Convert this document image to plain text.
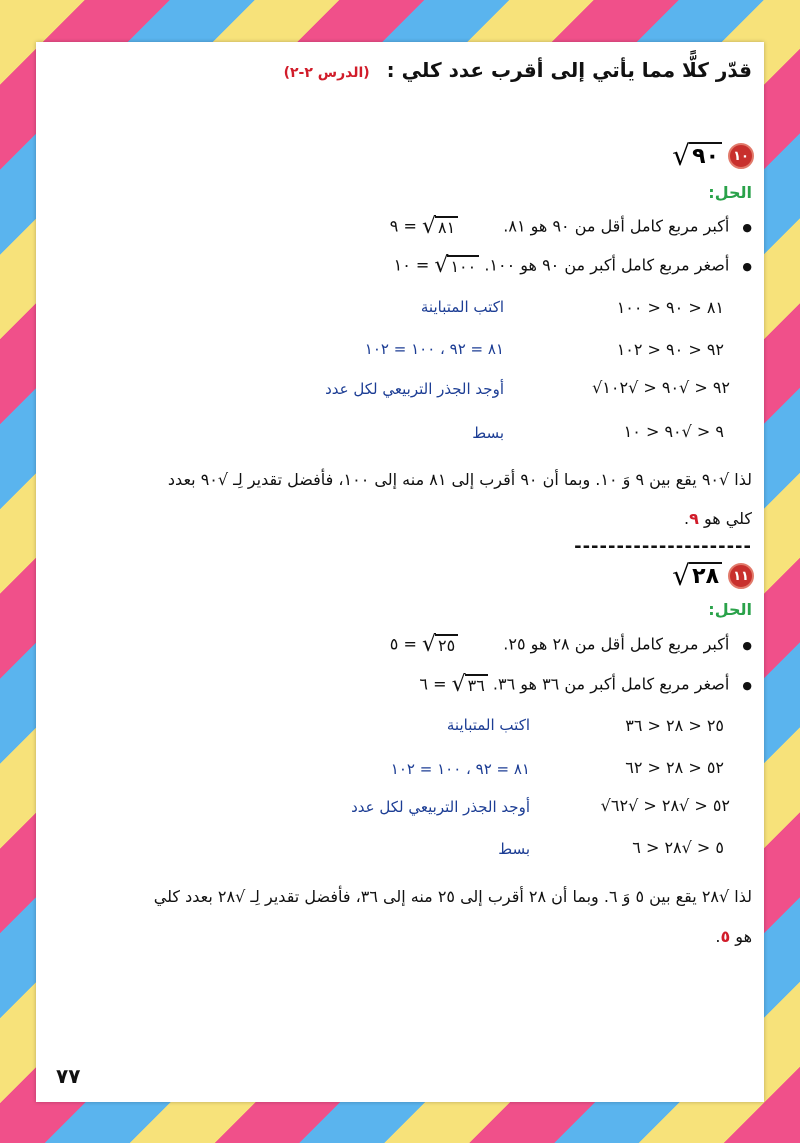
قدّر كلًّا مما يأتي إلى أقرب عدد كلي : (الدرس ٢-٢)
١٠
√ ٩٠
الحل:
● أكبر مربع كامل أقل من ٩٠ هو ٨١.
√ ٨١
= ٩
● أصغر مربع كامل أكبر من ٩٠ هو ١٠٠.
√ ١٠٠
= ١٠
٨١ < ٩٠ < ١٠٠
اكتب المتباينة
٩٢ < ٩٠ < ١٠٢
٨١ = ٩٢ ، ١٠٠ = ١٠٢
√٩٢ < √٩٠ < √١٠٢
أوجد الجذر التربيعي لكل عدد
٩ < √٩٠ < ١٠
بسط
لذا √٩٠ يقع بين ٩ وَ ١٠. وبما أن ٩٠ أقرب إلى ٨١ منه إلى ١٠٠، فأفضل تقدير لِـ √٩٠ بعدد
كلي هو ٩.
---------------------
١١
√ ٢٨
الحل:
● أكبر مربع كامل أقل من ٢٨ هو ٢٥.
√ ٢٥
= ٥
● أصغر مربع كامل أكبر من ٣٦ هو ٣٦.
√ ٣٦
= ٦
٢٥ < ٢٨ < ٣٦
اكتب المتباينة
٥٢ < ٢٨ < ٦٢
٨١ = ٩٢ ، ١٠٠ = ١٠٢
√٥٢ < √٢٨ < √٦٢
أوجد الجذر التربيعي لكل عدد
٥ < √٢٨ < ٦
بسط
لذا √٢٨ يقع بين ٥ وَ ٦. وبما أن ٢٨ أقرب إلى ٢٥ منه إلى ٣٦، فأفضل تقدير لِـ √٢٨ بعدد كلي
هو ٥.
٧٧
